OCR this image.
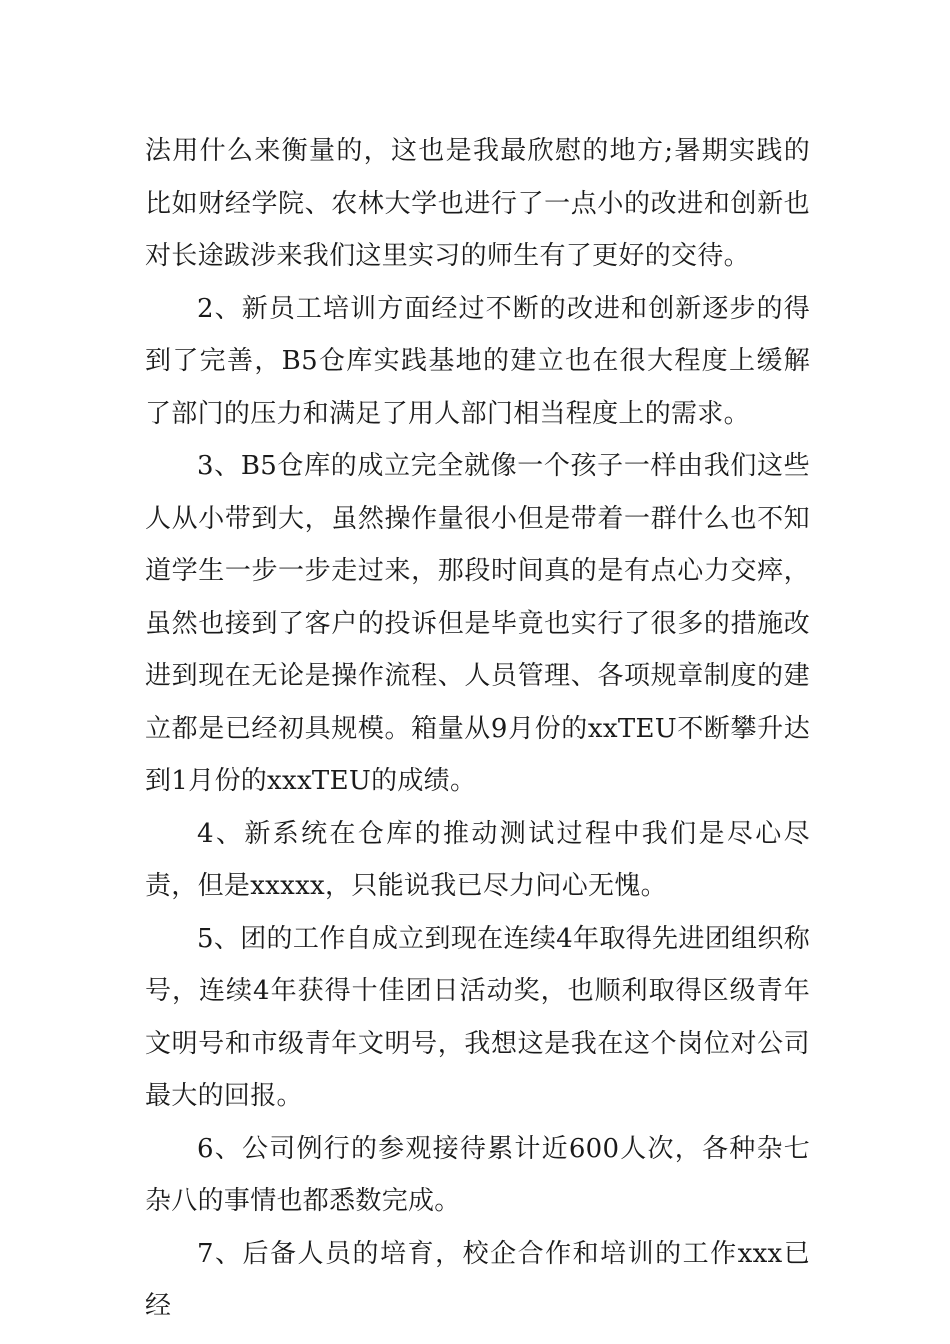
法用什么来衡量的，这也是我最欣慰的地方;暑期实践的比如财经学院、农林大学也进行了一点小的改进和创新也对长途跋涉来我们这里实习的师生有了更好的交待。

2、新员工培训方面经过不断的改进和创新逐步的得到了完善，B5仓库实践基地的建立也在很大程度上缓解了部门的压力和满足了用人部门相当程度上的需求。

3、B5仓库的成立完全就像一个孩子一样由我们这些人从小带到大，虽然操作量很小但是带着一群什么也不知道学生一步一步走过来，那段时间真的是有点心力交瘁，虽然也接到了客户的投诉但是毕竟也实行了很多的措施改进到现在无论是操作流程、人员管理、各项规章制度的建立都是已经初具规模。箱量从9月份的xxTEU不断攀升达到1月份的xxxTEU的成绩。

4、新系统在仓库的推动测试过程中我们是尽心尽责，但是xxxxx，只能说我已尽力问心无愧。

5、团的工作自成立到现在连续4年取得先进团组织称号，连续4年获得十佳团日活动奖，也顺利取得区级青年文明号和市级青年文明号，我想这是我在这个岗位对公司最大的回报。

6、公司例行的参观接待累计近600人次，各种杂七杂八的事情也都悉数完成。

7、后备人员的培育，校企合作和培训的工作xxx已经
